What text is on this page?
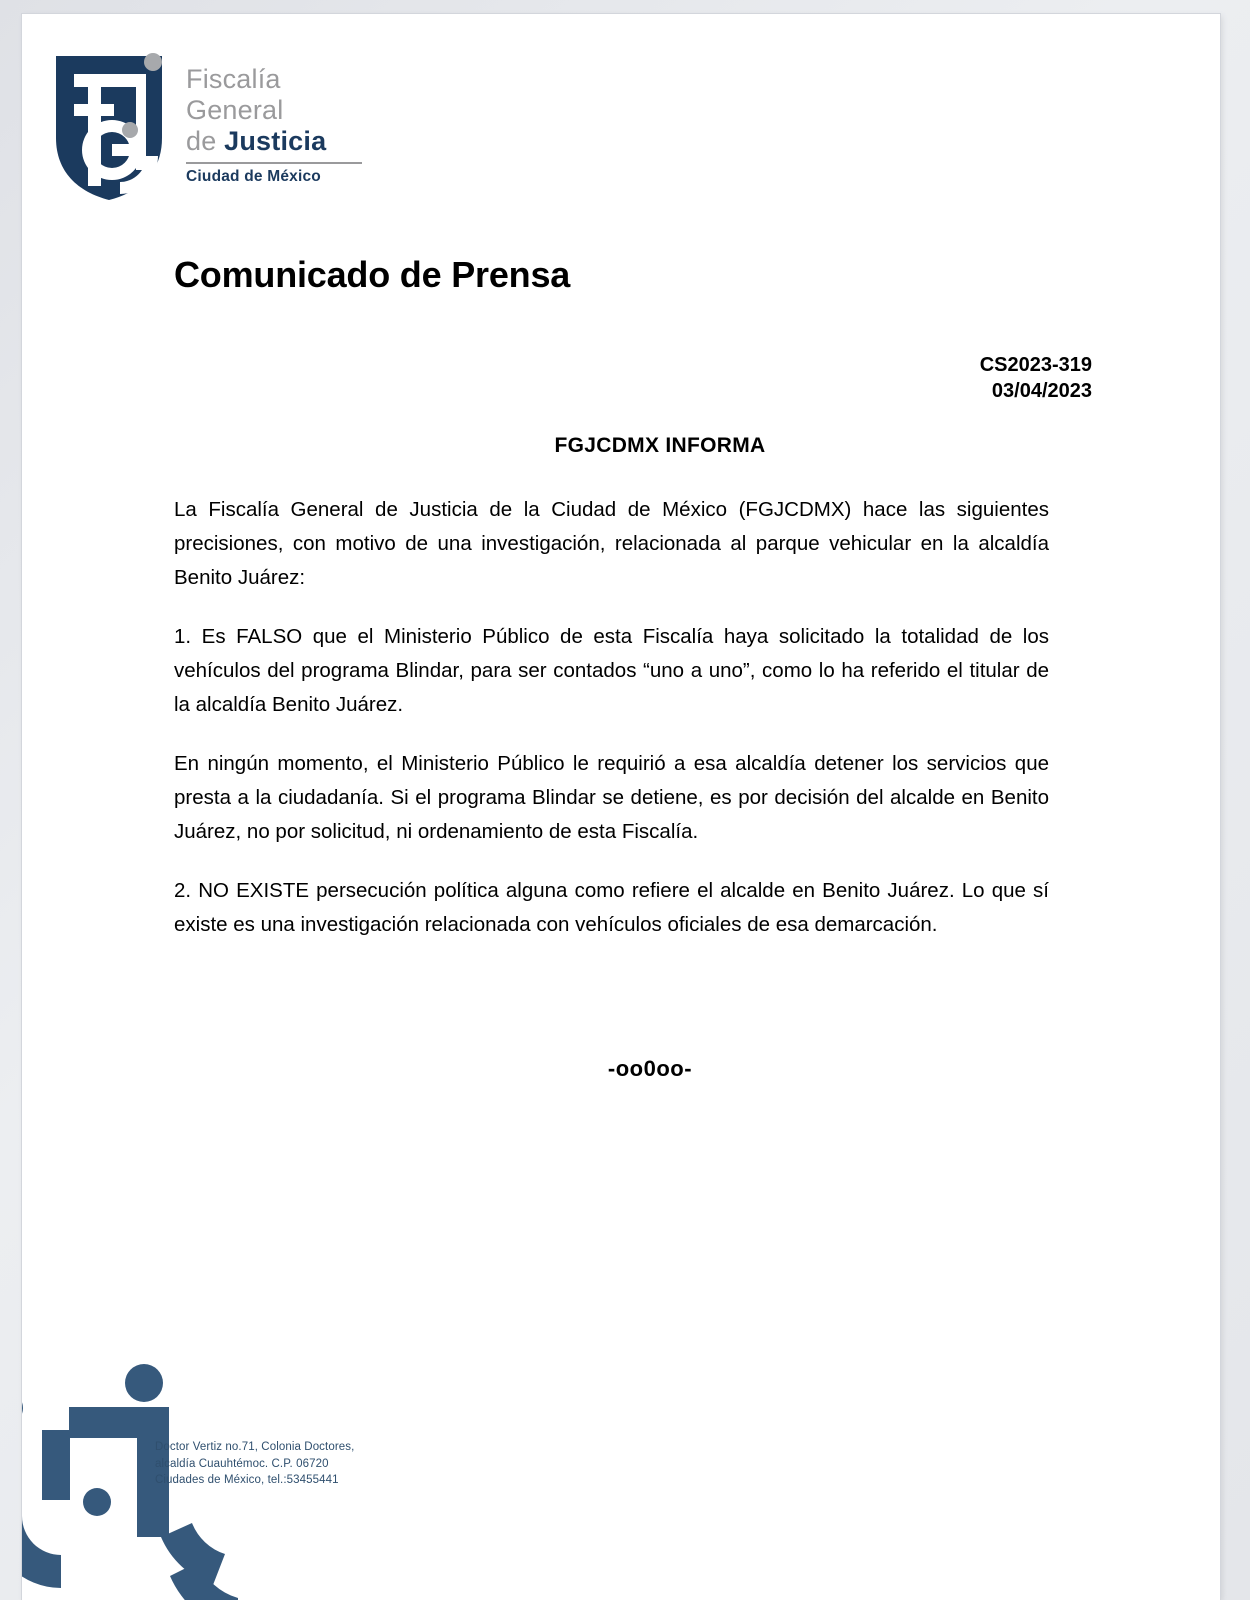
Fiscalía
General
de Justicia
Ciudad de México
Comunicado de Prensa
CS2023-319
03/04/2023
FGJCDMX INFORMA

La Fiscalía General de Justicia de la Ciudad de México (FGJCDMX) hace las siguientes precisiones, con motivo de una investigación, relacionada al parque vehicular en la alcaldía Benito Juárez:

1. Es FALSO que el Ministerio Público de esta Fiscalía haya solicitado la totalidad de los vehículos del programa Blindar, para ser contados “uno a uno”, como lo ha referido el titular de la alcaldía Benito Juárez.

En ningún momento, el Ministerio Público le requirió a esa alcaldía detener los servicios que presta a la ciudadanía. Si el programa Blindar se detiene, es por decisión del alcalde en Benito Juárez, no por solicitud, ni ordenamiento de esta Fiscalía.

2. NO EXISTE persecución política alguna como refiere el alcalde en Benito Juárez. Lo que sí existe es una investigación relacionada con vehículos oficiales de esa demarcación.

-oo0oo-
Doctor Vertiz no.71, Colonia Doctores,
alcaldía Cuauhtémoc. C.P. 06720
Ciudades de México, tel.:53455441
